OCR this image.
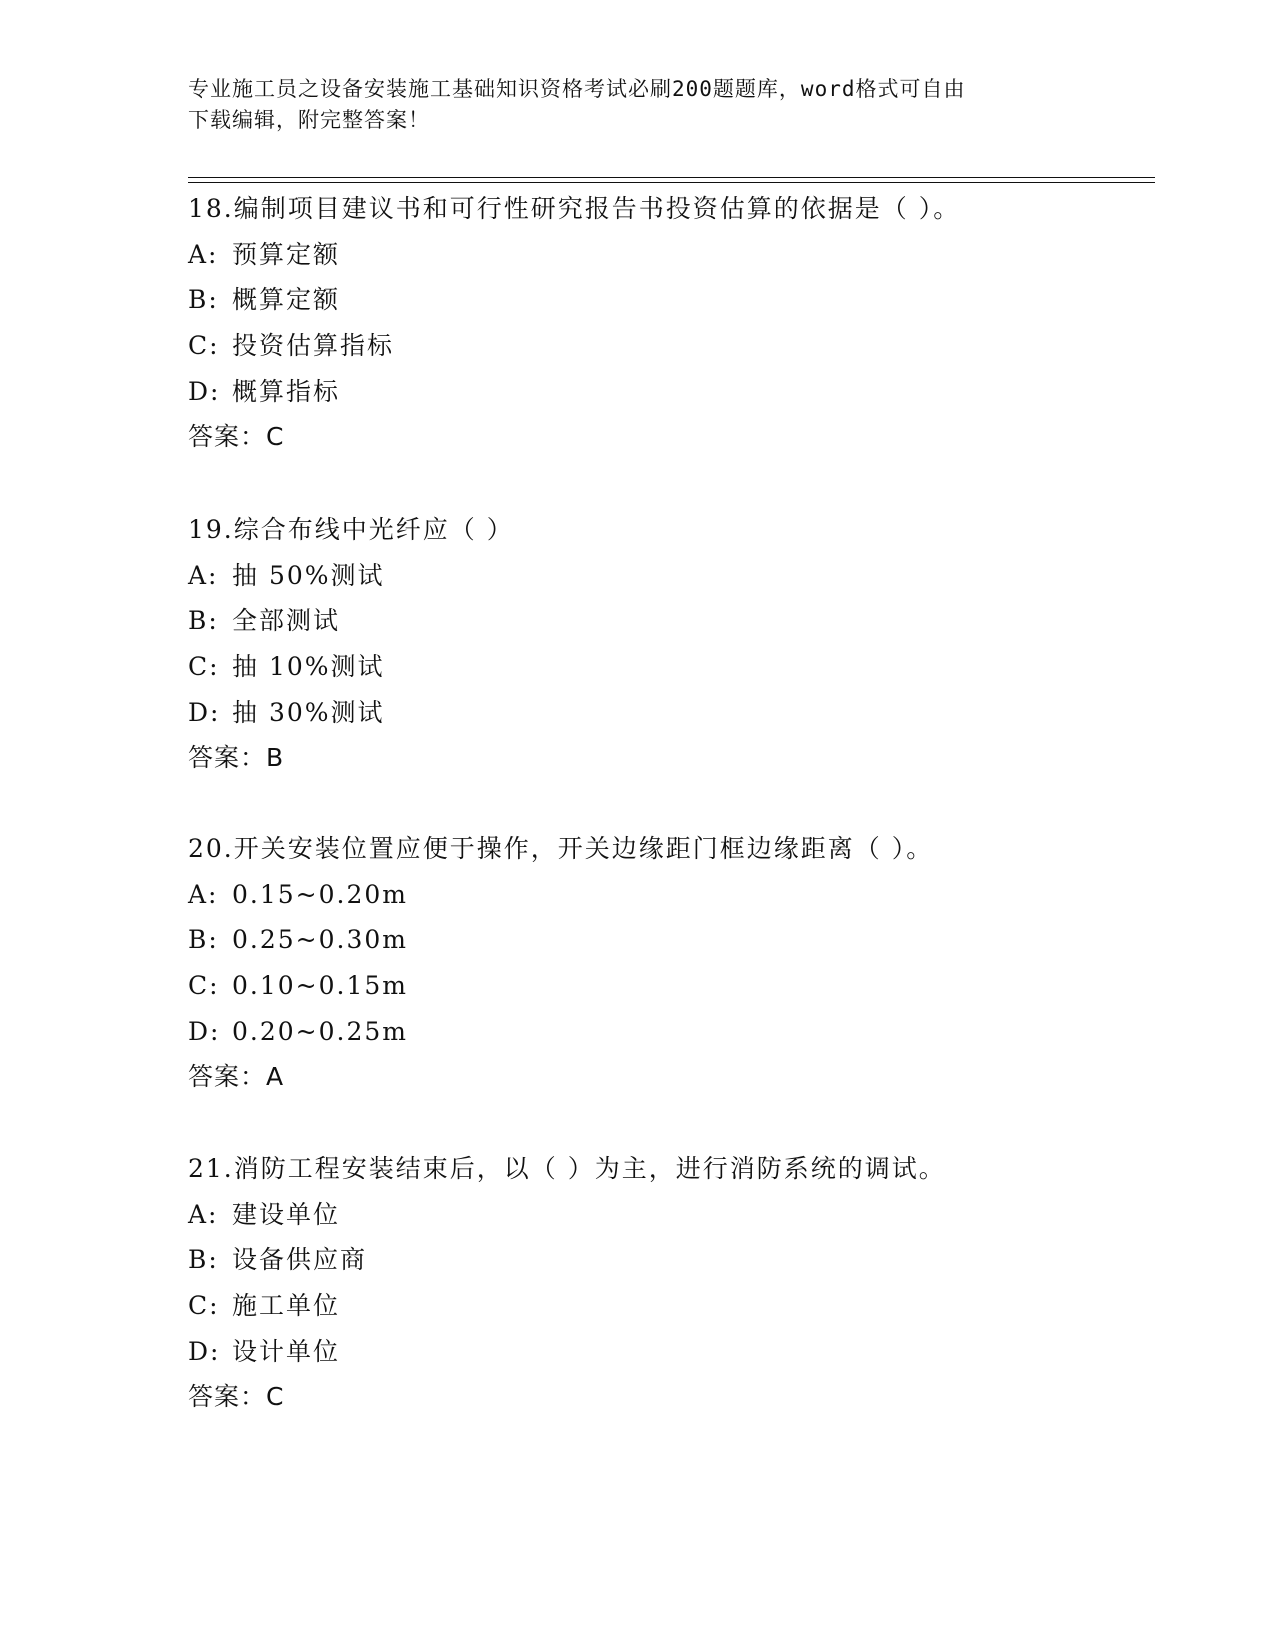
专业施工员之设备安装施工基础知识资格考试必刷200题题库，word格式可自由
下载编辑，附完整答案！
18.编制项目建议书和可行性研究报告书投资估算的依据是（ ）。
A: 预算定额
B: 概算定额
C: 投资估算指标
D: 概算指标
答案：C
19.综合布线中光纤应（ ）
A: 抽 50%测试
B: 全部测试
C: 抽 10%测试
D: 抽 30%测试
答案：B
20.开关安装位置应便于操作，开关边缘距门框边缘距离（ ）。
A: 0.15~0.20m
B: 0.25~0.30m
C: 0.10~0.15m
D: 0.20~0.25m
答案：A
21.消防工程安装结束后，以（ ）为主，进行消防系统的调试。
A: 建设单位
B: 设备供应商
C: 施工单位
D: 设计单位
答案：C
